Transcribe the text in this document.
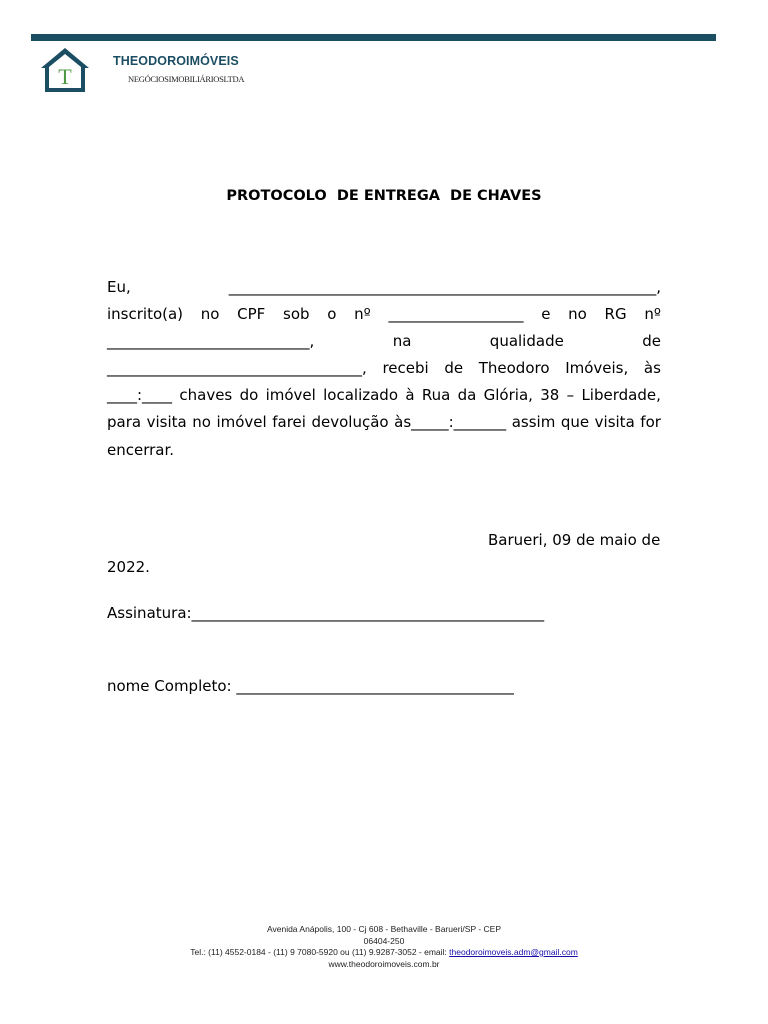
T
THEODOROIMÓVEIS
NEGÓCIOSIMOBILIÁRIOSLTDA
PROTOCOLO  DE ENTREGA  DE CHAVES
Eu,	_________________________________________________________,
inscrito(a) no CPF sob o nº __________________ e no RG nº
___________________________,	na	qualidade	de
__________________________________, recebi de Theodoro Imóveis, às
____:____ chaves do imóvel localizado à Rua da Glória, 38 – Liberdade,
para visita no imóvel farei devolução às_____:_______ assim que visita for
encerrar.
Barueri, 09 de maio de
2022.
Assinatura:_______________________________________________
nome Completo: _____________________________________
Avenida Anápolis, 100 - Cj 608 - Bethaville - Barueri/SP - CEP
06404-250
Tel.: (11) 4552-0184 - (11) 9 7080-5920 ou (11) 9.9287-3052 - email: theodoroimoveis.adm@gmail.com
www.theodoroimoveis.com.br
